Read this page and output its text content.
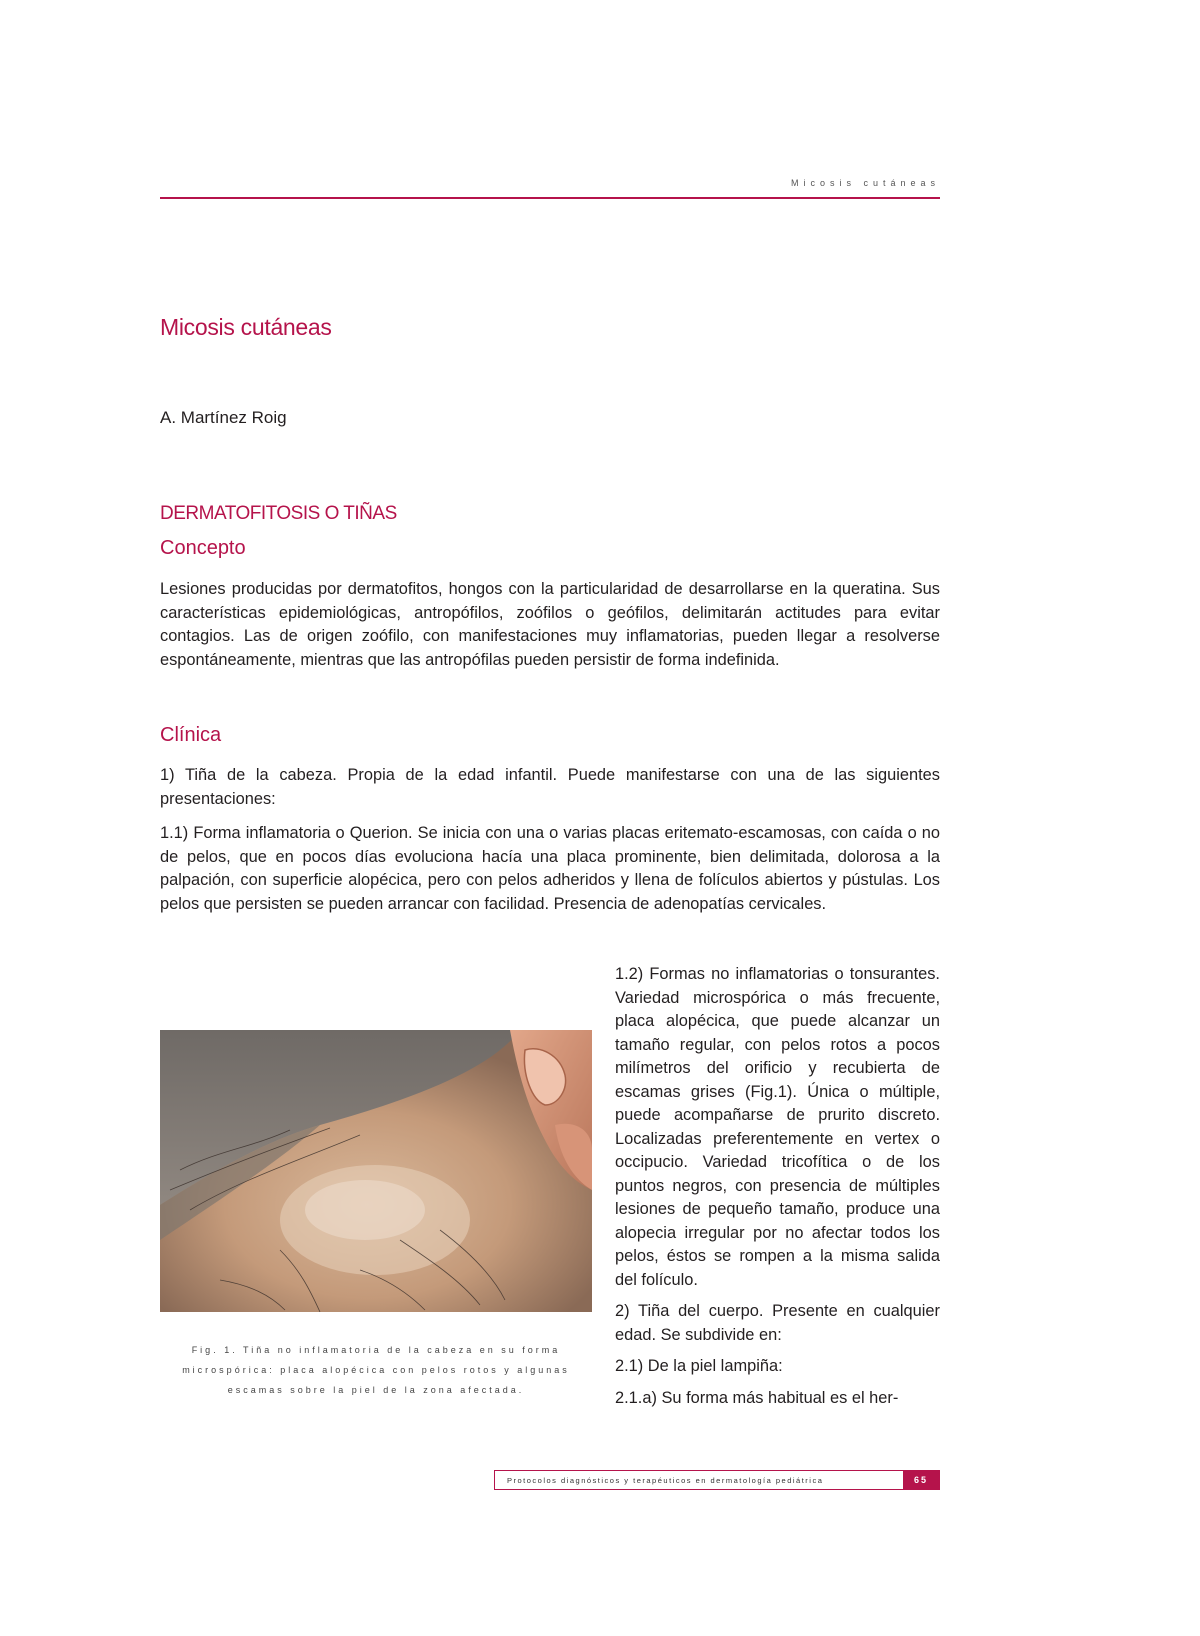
Micosis cutáneas
Micosis cutáneas
A. Martínez Roig
DERMATOFITOSIS O TIÑAS
Concepto

Lesiones producidas por dermatofitos, hongos con la particularidad de desarrollarse en la queratina. Sus características epidemiológicas, antropófilos, zoófilos o geófilos, delimitarán actitudes para evitar contagios. Las de origen zoófilo, con manifestaciones muy inflamatorias, pueden llegar a resolverse espontáneamente, mientras que las antropófilas pueden persistir de forma indefinida.

Clínica

1) Tiña de la cabeza. Propia de la edad infantil. Puede manifestarse con una de las siguientes presentaciones:

1.1) Forma inflamatoria o Querion. Se inicia con una o varias placas eritemato-escamosas, con caída o no de pelos, que en pocos días evoluciona hacía una placa prominente, bien delimitada, dolorosa a la palpación, con superficie alopécica, pero con pelos adheridos y llena de folículos abiertos y pústulas. Los pelos que persisten se pueden arrancar con facilidad. Presencia de adenopatías cervicales.

1.2) Formas no inflamatorias o tonsurantes. Variedad microspórica o más frecuente, placa alopécica, que puede alcanzar un tamaño regular, con pelos rotos a pocos milímetros del orificio y recubierta de escamas grises (Fig.1). Única o múltiple, puede acompañarse de prurito discreto. Localizadas preferentemente en vertex o occipucio. Variedad tricofítica o de los puntos negros, con presencia de múltiples lesiones de pequeño tamaño, produce una alopecia irregular por no afectar todos los pelos, éstos se rompen a la misma salida del folículo.

2) Tiña del cuerpo. Presente en cualquier edad. Se subdivide en:

2.1) De la piel lampiña:

2.1.a) Su forma más habitual es el her-

Fig. 1. Tiña no inflamatoria de la cabeza en su forma
microspórica: placa alopécica con pelos rotos y algunas
escamas sobre la piel de la zona afectada.
Protocolos diagnósticos y terapéuticos en dermatología pediátrica	65
